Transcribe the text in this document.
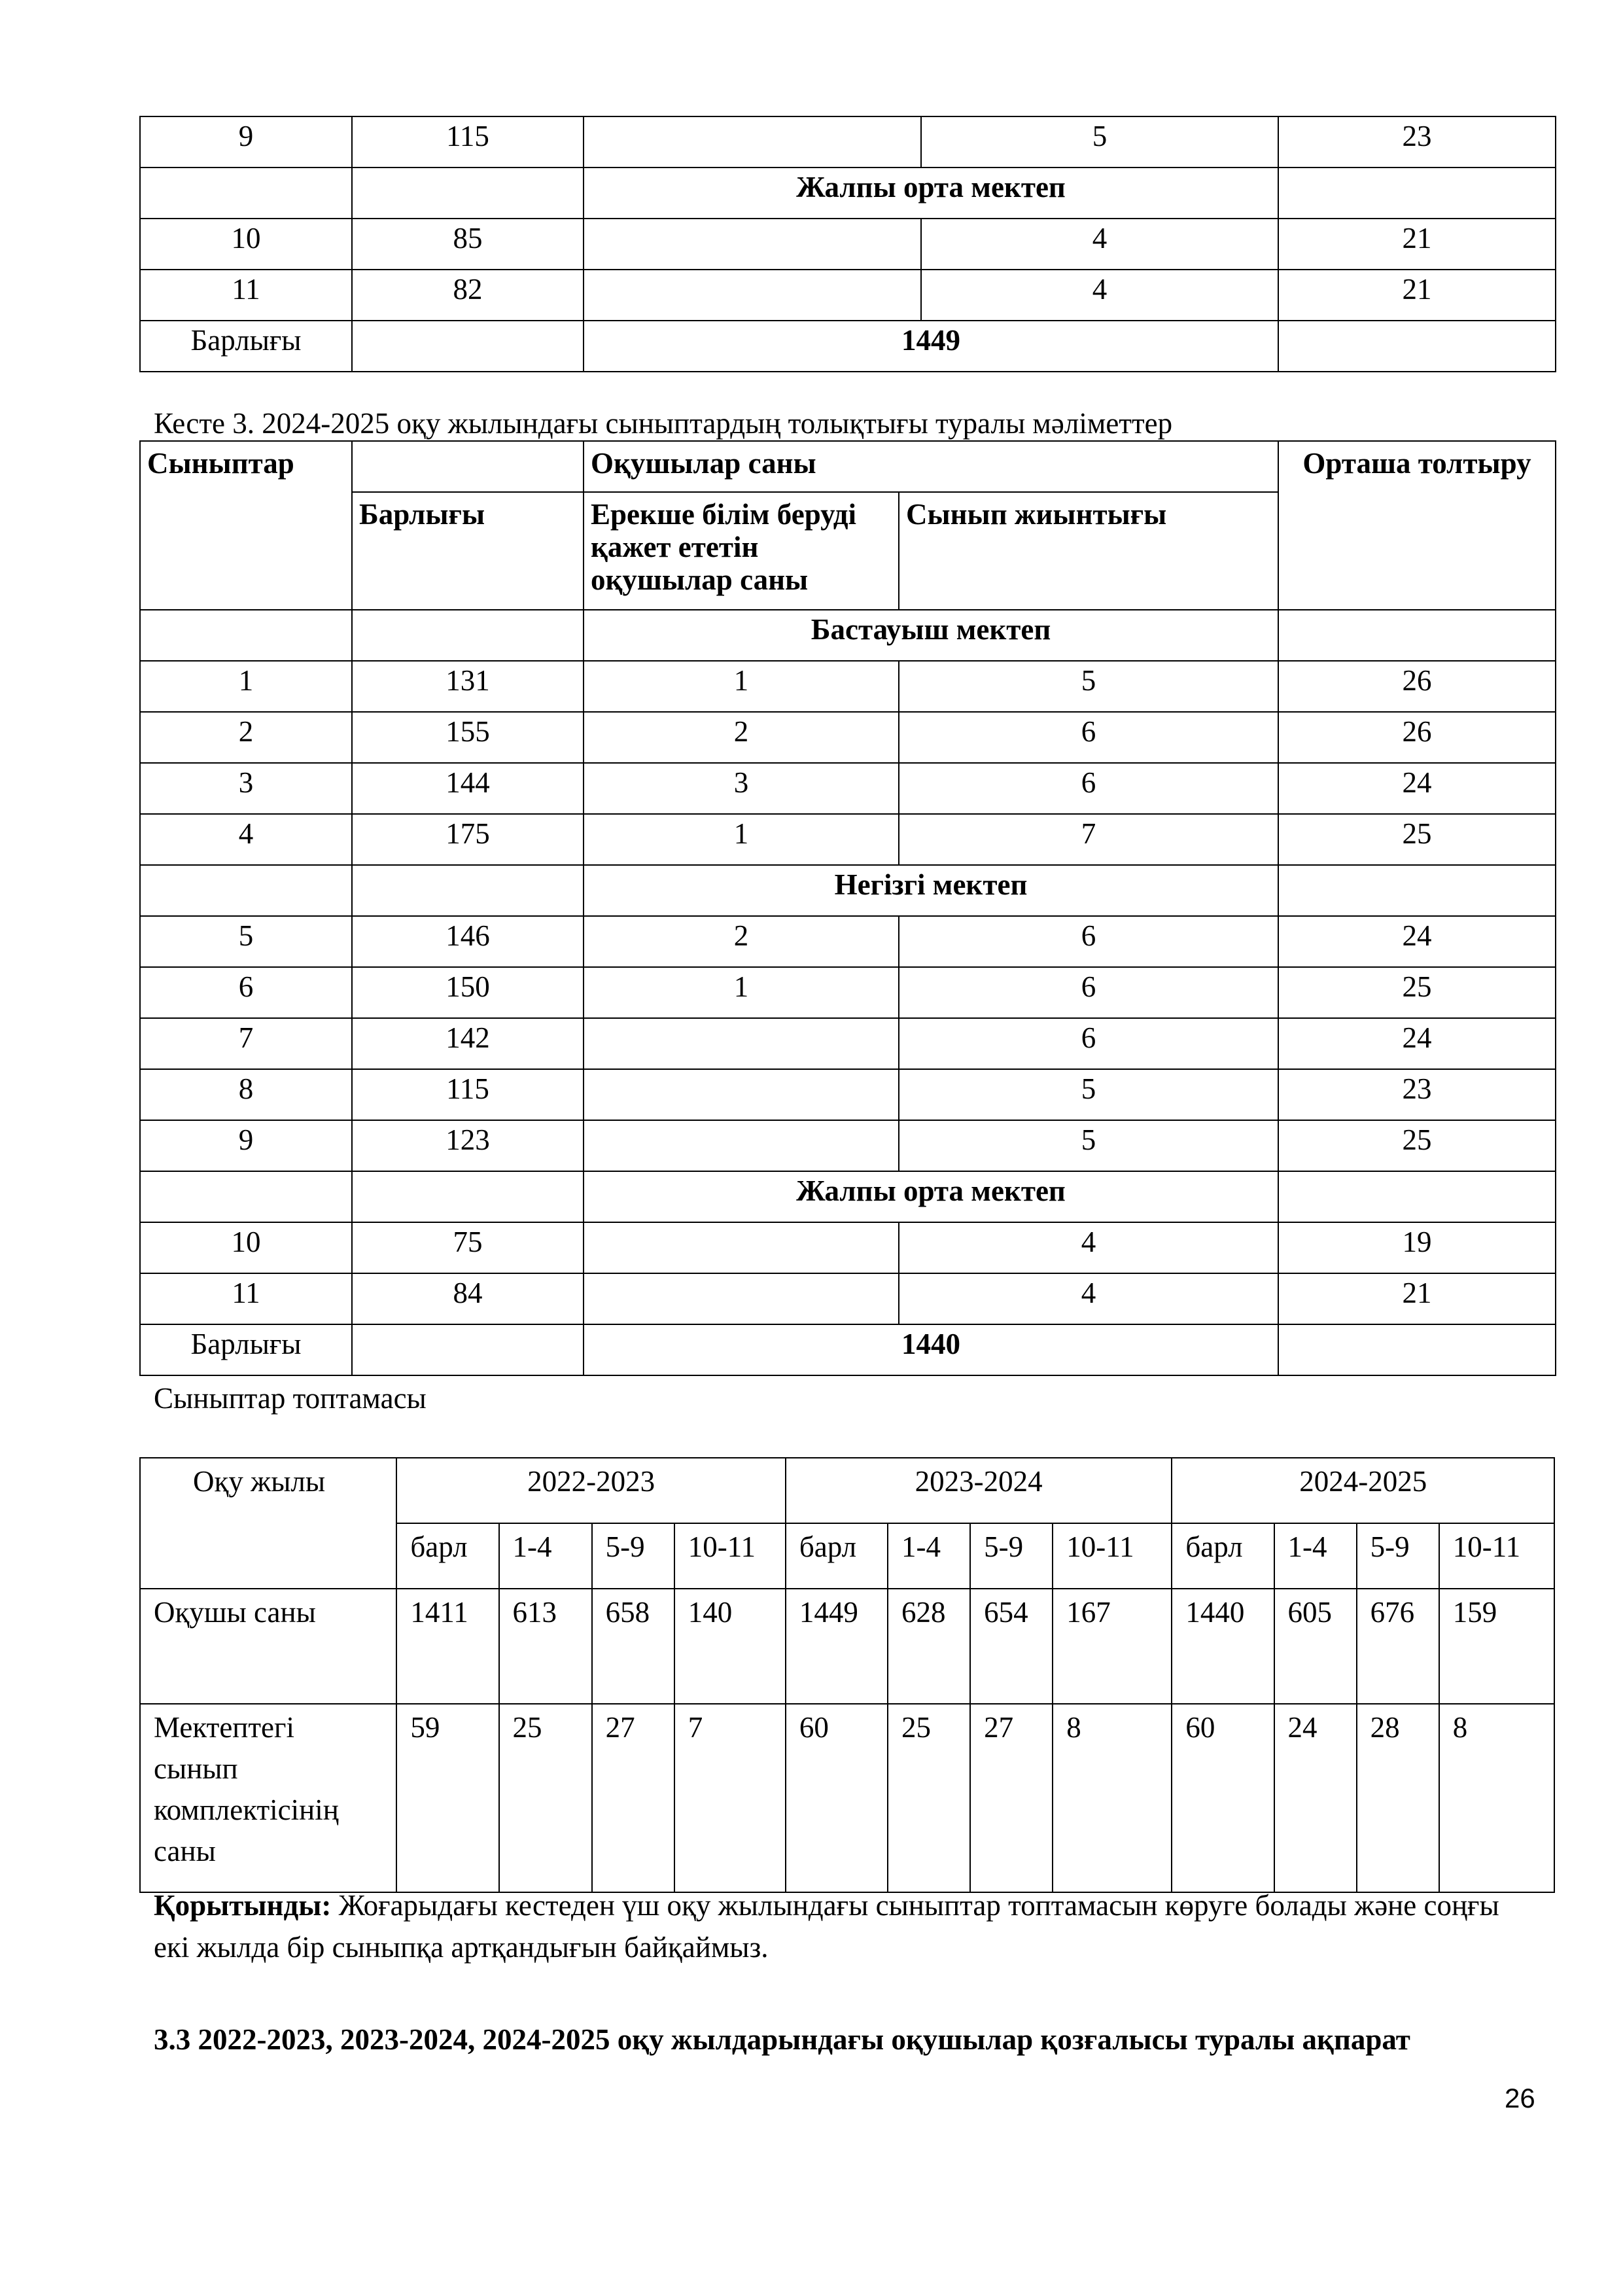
9	115		5	23
		Жалпы орта мектеп		
10	85		4	21
11	82		4	21
Барлығы		1449		
Кесте 3. 2024-2025 оқу жылындағы сыныптардың толықтығы туралы мәліметтер
Сыныптар		Оқушылар саны		Орташа толтыру
	Барлығы	Ерекше білім беруді қажет ететін оқушылар саны	Сынып жиынтығы	
		Бастауыш мектеп		
1	131	1	5	26
2	155	2	6	26
3	144	3	6	24
4	175	1	7	25
		Негізгі мектеп		
5	146	2	6	24
6	150	1	6	25
7	142		6	24
8	115		5	23
9	123		5	25
		Жалпы орта мектеп		
10	75		4	19
11	84		4	21
Барлығы		1440		
Сыныптар топтамасы
Оқу жылы	2022-2023				2023-2024				2024-2025			
	барл	1-4	5-9	10-11	барл	1-4	5-9	10-11	барл	1-4	5-9	10-11
Оқушы саны	1411	613	658	140	1449	628	654	167	1440	605	676	159
Мектептегі сынып комплектісінің саны	59	25	27	7	60	25	27	8	60	24	28	8
Қорытынды: Жоғарыдағы кестеден үш оқу жылындағы сыныптар топтамасын көруге болады және соңғы екі жылда бір сыныпқа артқандығын байқаймыз.
3.3 2022-2023, 2023-2024, 2024-2025 оқу жылдарындағы оқушылар қозғалысы туралы ақпарат
26
